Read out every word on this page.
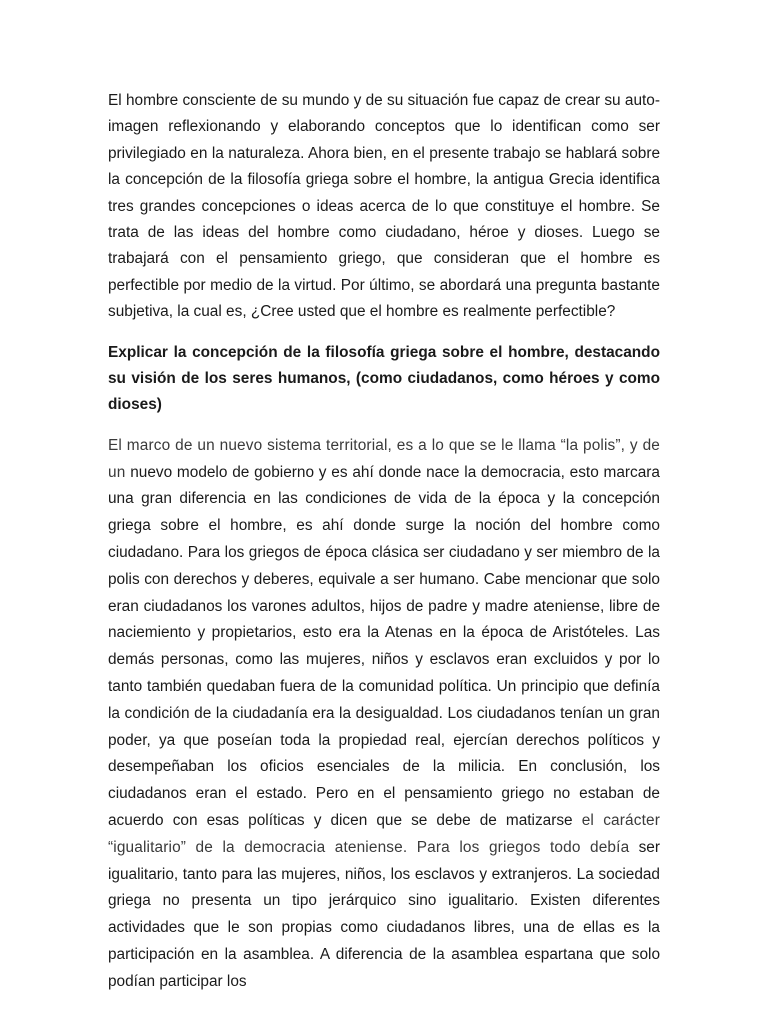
El hombre consciente de su mundo y de su situación fue capaz de crear su auto-imagen reflexionando y elaborando conceptos que lo identifican como ser privilegiado en la naturaleza. Ahora bien, en el presente trabajo se hablará sobre la concepción de la filosofía griega sobre el hombre, la antigua Grecia identifica tres grandes concepciones o ideas acerca de lo que constituye el hombre. Se trata de las ideas del hombre como ciudadano, héroe y dioses. Luego se trabajará con el pensamiento griego, que consideran que el hombre es perfectible por medio de la virtud. Por último, se abordará una pregunta bastante subjetiva, la cual es, ¿Cree usted que el hombre es realmente perfectible?

Explicar la concepción de la filosofía griega sobre el hombre, destacando su visión de los seres humanos, (como ciudadanos, como héroes y como dioses)

El marco de un nuevo sistema territorial, es a lo que se le llama “la polis”, y de un nuevo modelo de gobierno y es ahí donde nace la democracia, esto marcara una gran diferencia en las condiciones de vida de la época y la concepción griega sobre el hombre, es ahí donde surge la noción del hombre como ciudadano. Para los griegos de época clásica ser ciudadano y ser miembro de la polis con derechos y deberes, equivale a ser humano. Cabe mencionar que solo eran ciudadanos los varones adultos, hijos de padre y madre ateniense, libre de naciemiento y propietarios, esto era la Atenas en la época de Aristóteles. Las demás personas, como las mujeres, niños y esclavos eran excluidos y por lo tanto también quedaban fuera de la comunidad política. Un principio que definía la condición de la ciudadanía era la desigualdad. Los ciudadanos tenían un gran poder, ya que poseían toda la propiedad real, ejercían derechos políticos y desempeñaban los oficios esenciales de la milicia. En conclusión, los ciudadanos eran el estado. Pero en el pensamiento griego no estaban de acuerdo con esas políticas y dicen que se debe de matizarse el carácter “igualitario” de la democracia ateniense. Para los griegos todo debía ser igualitario, tanto para las mujeres, niños, los esclavos y extranjeros. La sociedad griega no presenta un tipo jerárquico sino igualitario. Existen diferentes actividades que le son propias como ciudadanos libres, una de ellas es la participación en la asamblea. A diferencia de la asamblea espartana que solo podían participar los
